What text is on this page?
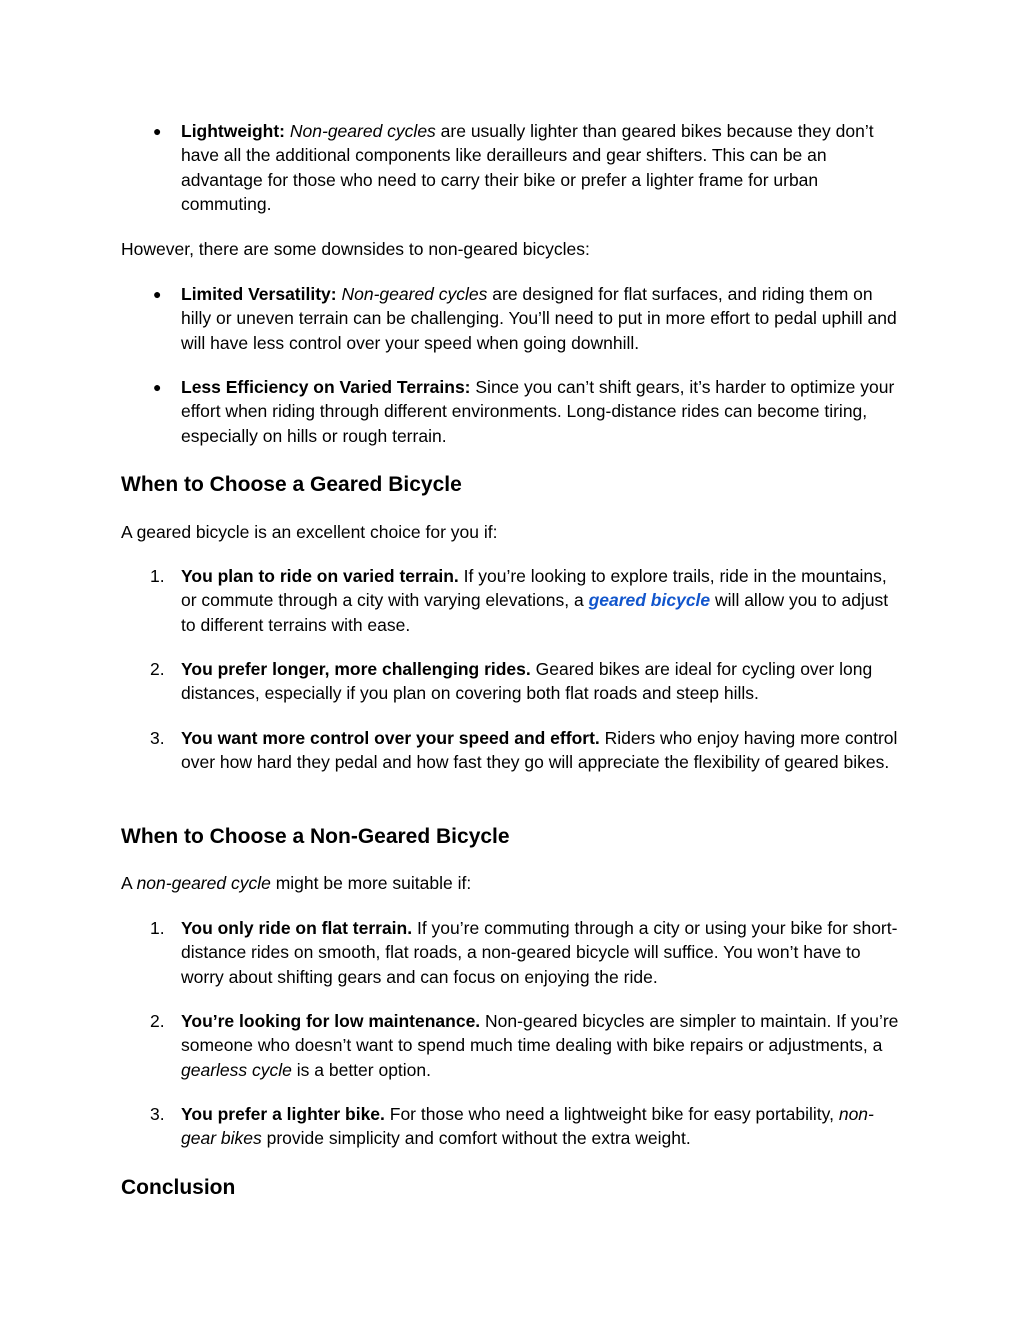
●	Lightweight: Non-geared cycles are usually lighter than geared bikes because they don’t have all the additional components like derailleurs and gear shifters. This can be an advantage for those who need to carry their bike or prefer a lighter frame for urban commuting.

However, there are some downsides to non-geared bicycles:

●	Limited Versatility: Non-geared cycles are designed for flat surfaces, and riding them on hilly or uneven terrain can be challenging. You’ll need to put in more effort to pedal uphill and will have less control over your speed when going downhill.
●	Less Efficiency on Varied Terrains: Since you can’t shift gears, it’s harder to optimize your effort when riding through different environments. Long-distance rides can become tiring, especially on hills or rough terrain.
When to Choose a Geared Bicycle

A geared bicycle is an excellent choice for you if:

1. You plan to ride on varied terrain. If you’re looking to explore trails, ride in the mountains, or commute through a city with varying elevations, a geared bicycle will allow you to adjust to different terrains with ease.
2. You prefer longer, more challenging rides. Geared bikes are ideal for cycling over long distances, especially if you plan on covering both flat roads and steep hills.
3. You want more control over your speed and effort. Riders who enjoy having more control over how hard they pedal and how fast they go will appreciate the flexibility of geared bikes.
When to Choose a Non-Geared Bicycle

A non-geared cycle might be more suitable if:

1. You only ride on flat terrain. If you’re commuting through a city or using your bike for short-distance rides on smooth, flat roads, a non-geared bicycle will suffice. You won’t have to worry about shifting gears and can focus on enjoying the ride.
2. You’re looking for low maintenance. Non-geared bicycles are simpler to maintain. If you’re someone who doesn’t want to spend much time dealing with bike repairs or adjustments, a gearless cycle is a better option.
3. You prefer a lighter bike. For those who need a lightweight bike for easy portability, non-gear bikes provide simplicity and comfort without the extra weight.
Conclusion
